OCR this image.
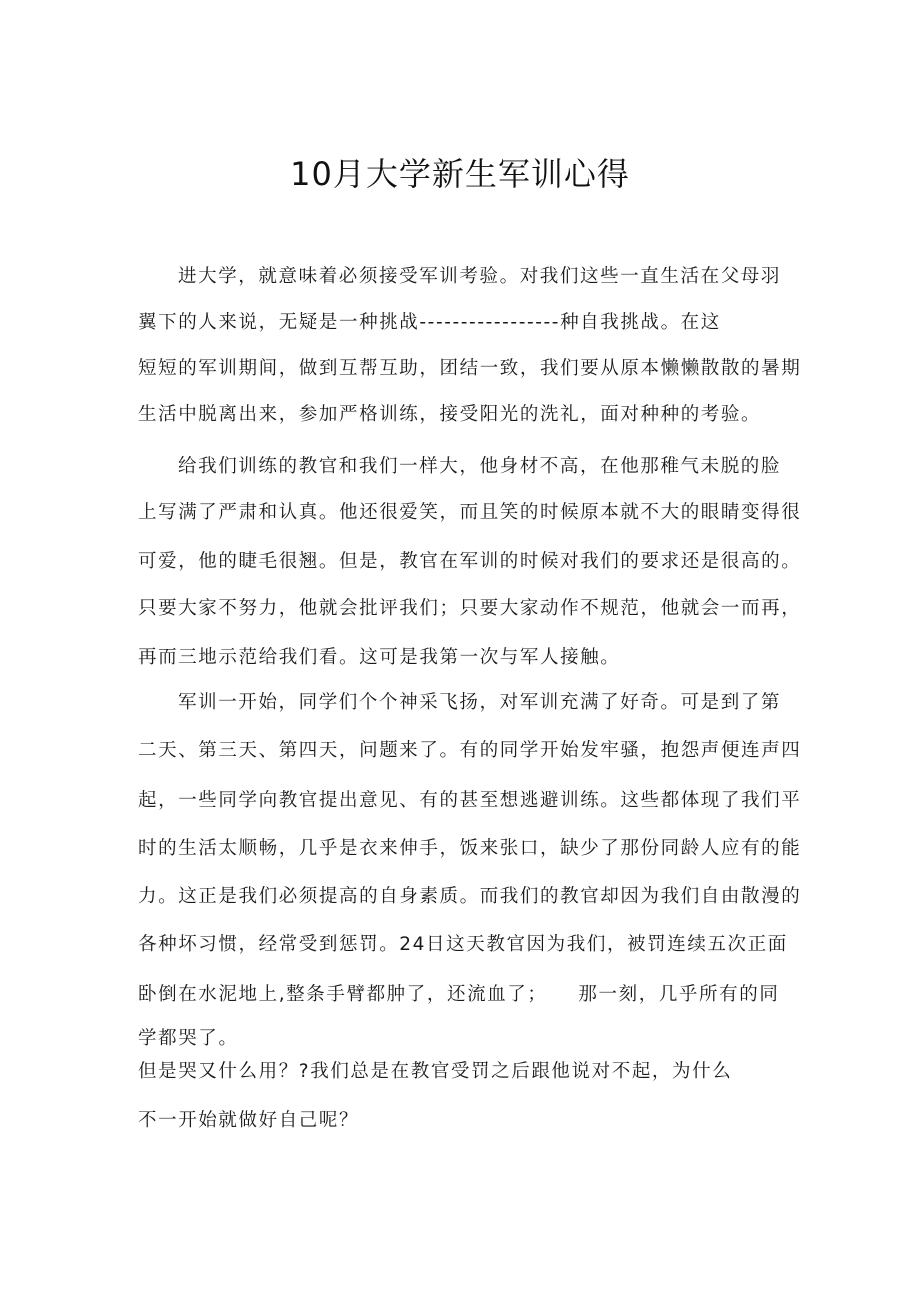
10月大学新生军训心得

进大学，就意味着必须接受军训考验。对我们这些一直生活在父母羽

翼下的人来说，无疑是一种挑战-----------------种自我挑战。在这

短短的军训期间，做到互帮互助，团结一致，我们要从原本懒懒散散的暑期

生活中脱离出来，参加严格训练，接受阳光的洗礼，面对种种的考验。

给我们训练的教官和我们一样大，他身材不高，在他那稚气未脱的脸

上写满了严肃和认真。他还很爱笑，而且笑的时候原本就不大的眼睛变得很

可爱，他的睫毛很翘。但是，教官在军训的时候对我们的要求还是很高的。

只要大家不努力，他就会批评我们；只要大家动作不规范，他就会一而再，

再而三地示范给我们看。这可是我第一次与军人接触。

军训一开始，同学们个个神采飞扬，对军训充满了好奇。可是到了第

二天、第三天、第四天，问题来了。有的同学开始发牢骚，抱怨声便连声四

起，一些同学向教官提出意见、有的甚至想逃避训练。这些都体现了我们平

时的生活太顺畅，几乎是衣来伸手，饭来张口，缺少了那份同龄人应有的能

力。这正是我们必须提高的自身素质。而我们的教官却因为我们自由散漫的

各种坏习惯，经常受到惩罚。24日这天教官因为我们，被罚连续五次正面

卧倒在水泥地上,整条手臂都肿了，还流血了；　　那一刻，几乎所有的同

学都哭了。

但是哭又什么用？?我们总是在教官受罚之后跟他说对不起，为什么

不一开始就做好自己呢？
